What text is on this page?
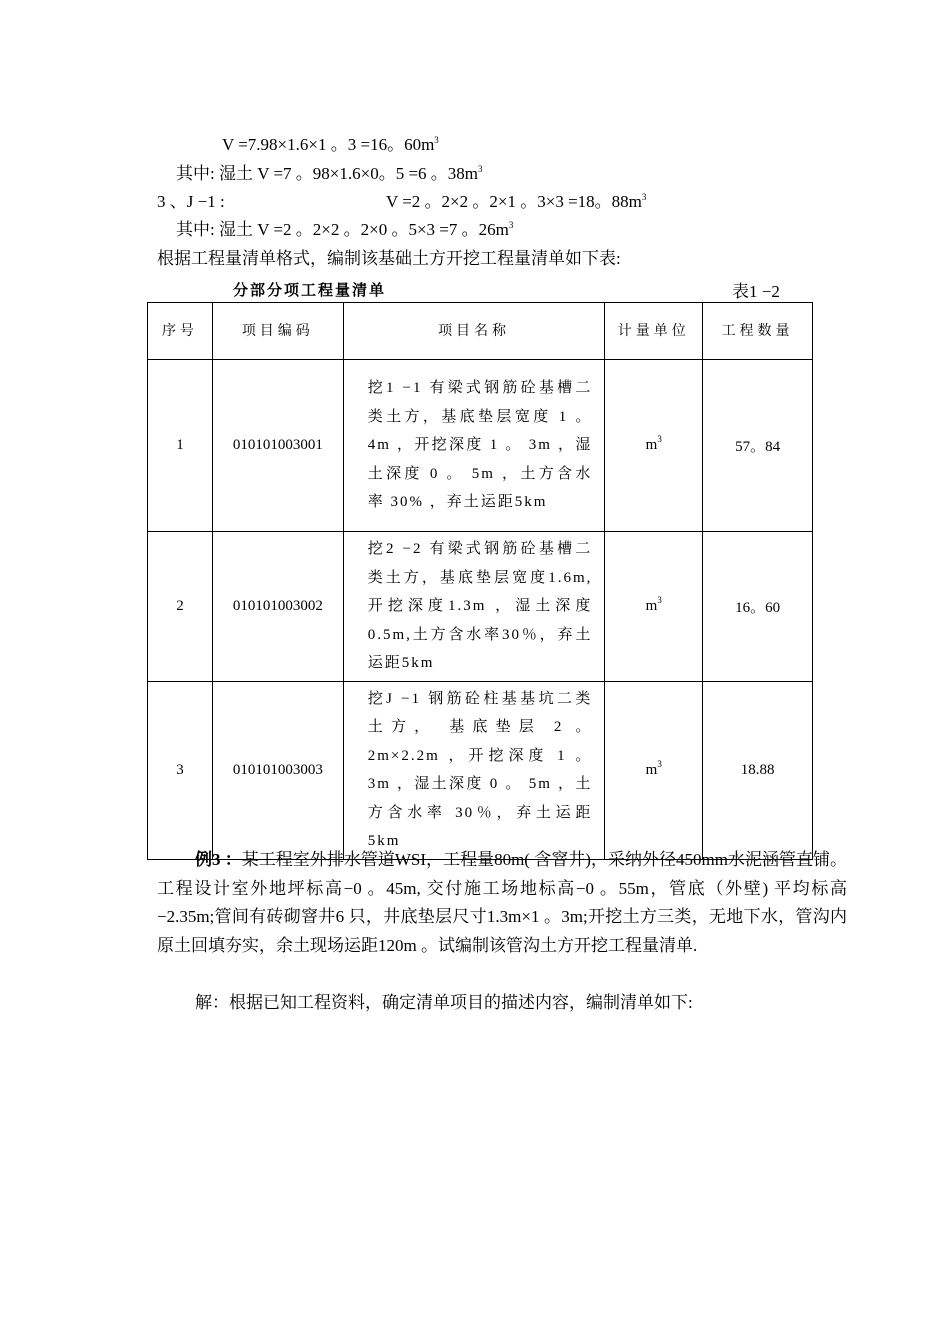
V =7.98×1.6×1 。3 =16。$60m^3$
其中: 湿土 V =7 。98×1.6×0。5 =6 。$38m^3$
3 、J −1 :	V =2 。2×2 。2×1 。3×3 =18。$88m^3$
其中: 湿土 V =2 。2×2 。2×0 。5×3 =7 。$26m^3$
根据工程量清单格式，编制该基础土方开挖工程量清单如下表:
分部分项工程量清单	表1 −2
序号	项目编码	项目名称	计量单位	工程数量
1	010101003001	挖1 −1 有梁式钢筋砼基槽二类土方，基底垫层宽度 1 。 4m ，开挖深度 1 。 3m ，湿土深度 0 。 5m ，土方含水率 30% ，弃土运距5km	$m^3$	57。84
2	010101003002	挖2 −2 有梁式钢筋砼基槽二类土方，基底垫层宽度1.6m,开挖深度1.3m ，湿土深度0.5m,土方含水率30％，弃土运距5km	$m^3$	16。60
3	010101003003	挖J −1 钢筋砼柱基基坑二类土方， 基底垫层 2 。2m×2.2m ，开挖深度 1 。 3m ，湿土深度 0 。 5m ，土方含水率 30％，弃土运距5km	$m^3$	18.88
例3 ：某工程室外排水管道WSI，工程量80m( 含窨井)，采纳外径450mm水泥涵管直铺。工程设计室外地坪标高−0 。45m, 交付施工场地标高−0 。55m，管底（外壁) 平均标高−2.35m;管间有砖砌窨井6 只，井底垫层尺寸1.3m×1 。3m;开挖土方三类，无地下水，管沟内原土回填夯实，余土现场运距120m 。试编制该管沟土方开挖工程量清单.
解：根据已知工程资料，确定清单项目的描述内容，编制清单如下:
